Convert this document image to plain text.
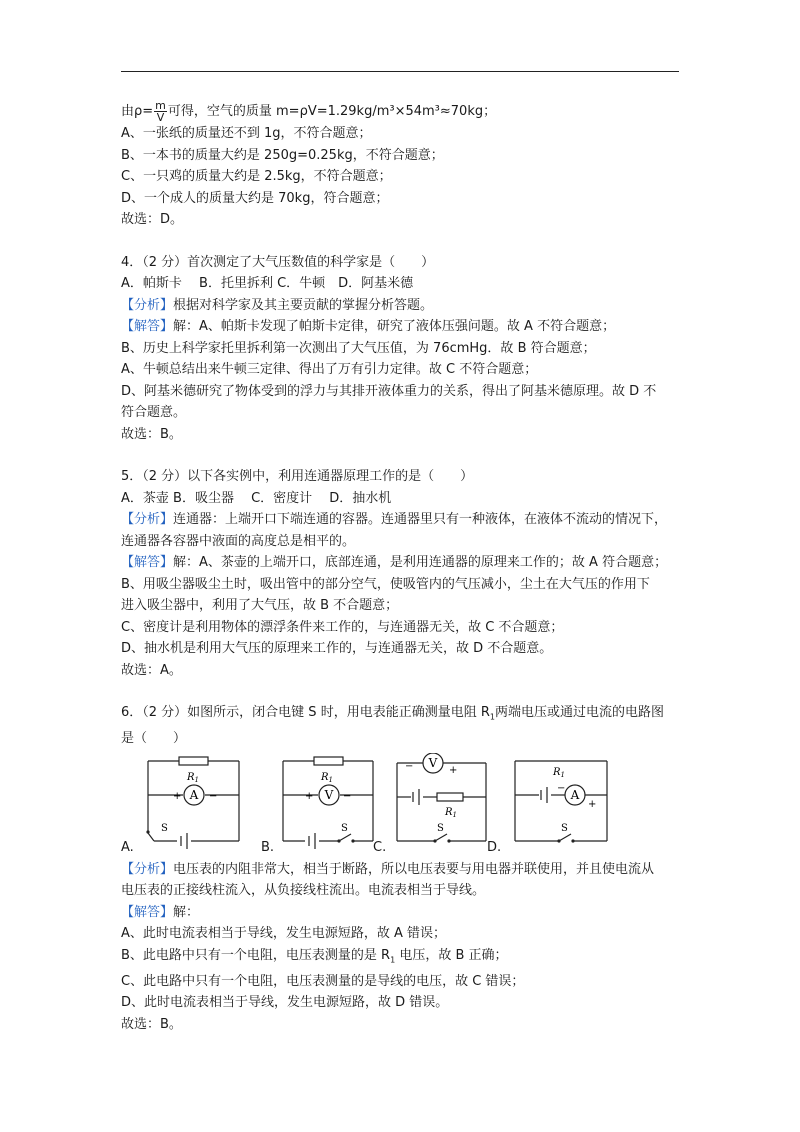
由$\rho= \frac{m}{V}$ 可得，空气的质量 m=ρV=1.29kg/m³×54m³≈70kg；
A、一张纸的质量还不到 1g，不符合题意；
B、一本书的质量大约是 250g=0.25kg，不符合题意；
C、一只鸡的质量大约是 2.5kg，不符合题意；
D、一个成人的质量大约是 70kg，符合题意；
故选：D。
4．（2 分）首次测定了大气压数值的科学家是（　　）
A．帕斯卡　 B．托里拆利 C．牛顿　D．阿基米德
【分析】根据对科学家及其主要贡献的掌握分析答题。
【解答】解：A、帕斯卡发现了帕斯卡定律，研究了液体压强问题。故 A 不符合题意；
B、历史上科学家托里拆利第一次测出了大气压值，为 76cmHg．故 B 符合题意；
A、牛顿总结出来牛顿三定律、得出了万有引力定律。故 C 不符合题意；
D、阿基米德研究了物体受到的浮力与其排开液体重力的关系，得出了阿基米德原理。故 D 不
符合题意。
故选：B。
5．（2 分）以下各实例中，利用连通器原理工作的是（　　）
A．茶壶 B．吸尘器　 C．密度计　 D．抽水机
【分析】连通器：上端开口下端连通的容器。连通器里只有一种液体，在液体不流动的情况下，
连通器各容器中液面的高度总是相平的。
【解答】解：A、茶壶的上端开口，底部连通，是利用连通器的原理来工作的；故 A 符合题意；
B、用吸尘器吸尘土时，吸出管中的部分空气，使吸管内的气压减小，尘土在大气压的作用下
进入吸尘器中，利用了大气压，故 B 不合题意；
C、密度计是利用物体的漂浮条件来工作的，与连通器无关，故 C 不合题意；
D、抽水机是利用大气压的原理来工作的，与连通器无关，故 D 不合题意。
故选：A。
6．（2 分）如图所示，闭合电键 S 时，用电表能正确测量电阻 $R_1$两端电压或通过电流的电路图
是（　　）
A
$R_1$
+	−
S
A.
V
$R_1$
+	−
S
B.
V
$R_1$
−	+
S
C.
A
$R_1$
−
+
S
D.
【分析】电压表的内阻非常大，相当于断路，所以电压表要与用电器并联使用，并且使电流从
电压表的正接线柱流入，从负接线柱流出。电流表相当于导线。
【解答】解：
A、此时电流表相当于导线，发生电源短路，故 A 错误；
B、此电路中只有一个电阻，电压表测量的是 $R_1$ 电压，故 B 正确；
C、此电路中只有一个电阻，电压表测量的是导线的电压，故 C 错误；
D、此时电流表相当于导线，发生电源短路，故 D 错误。
故选：B。
